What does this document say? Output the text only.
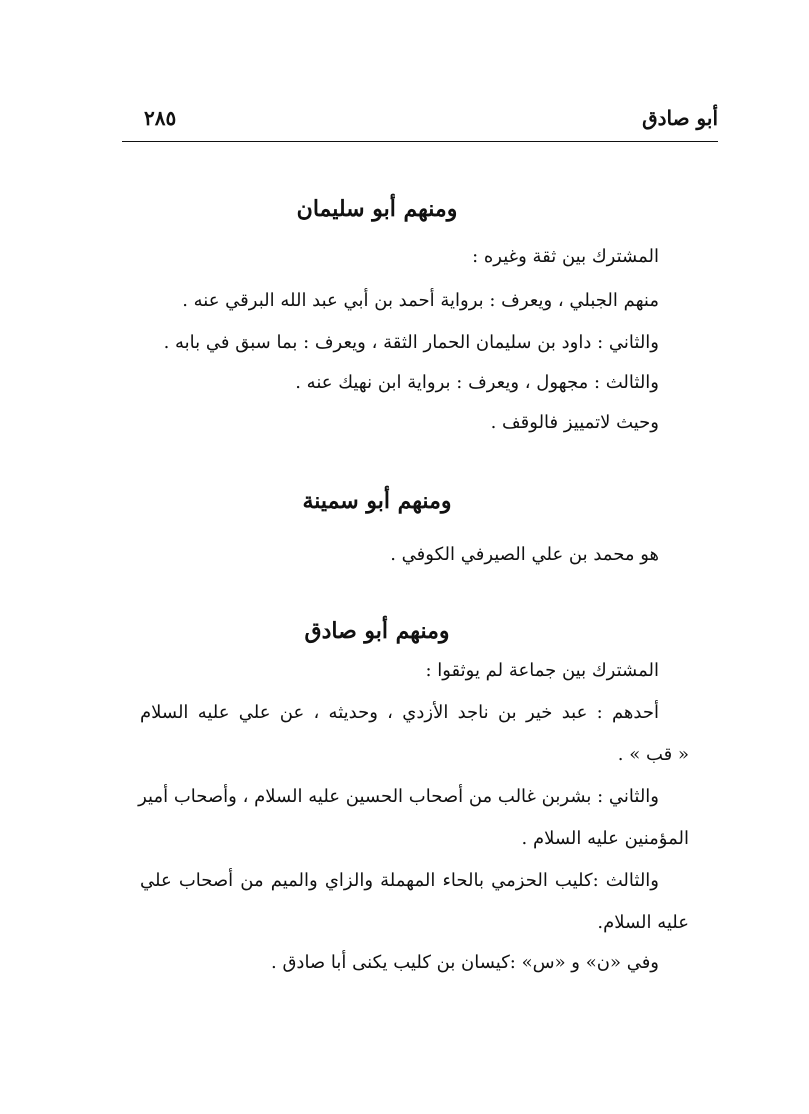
أبو صادق
٢٨٥
ومنهم أبو سليمان
المشترك بين ثقة وغيره :
منهم الجبلي ، ويعرف : برواية أحمد بن أبي عبد الله البرقي عنه .
والثاني : داود بن سليمان الحمار الثقة ، ويعرف : بما سبق في بابه .
والثالث : مجهول ، ويعرف : برواية ابن نهيك عنه .
وحيث لاتمييز فالوقف .
ومنهم أبو سمينة
هو محمد بن علي الصيرفي الكوفي .
ومنهم أبو صادق
المشترك بين جماعة لم يوثقوا :
أحدهم : عبد خير بن ناجد الأزدي ، وحديثه ، عن علي عليه السلام
« قب » .
والثاني : بشربن غالب من أصحاب الحسين عليه السلام ، وأصحاب أمير
المؤمنين عليه السلام .
والثالث :كليب الحزمي بالحاء المهملة والزاي والميم من أصحاب علي
عليه السلام.
وفي «ن» و «س» :كيسان بن كليب يكنى أبا صادق .
